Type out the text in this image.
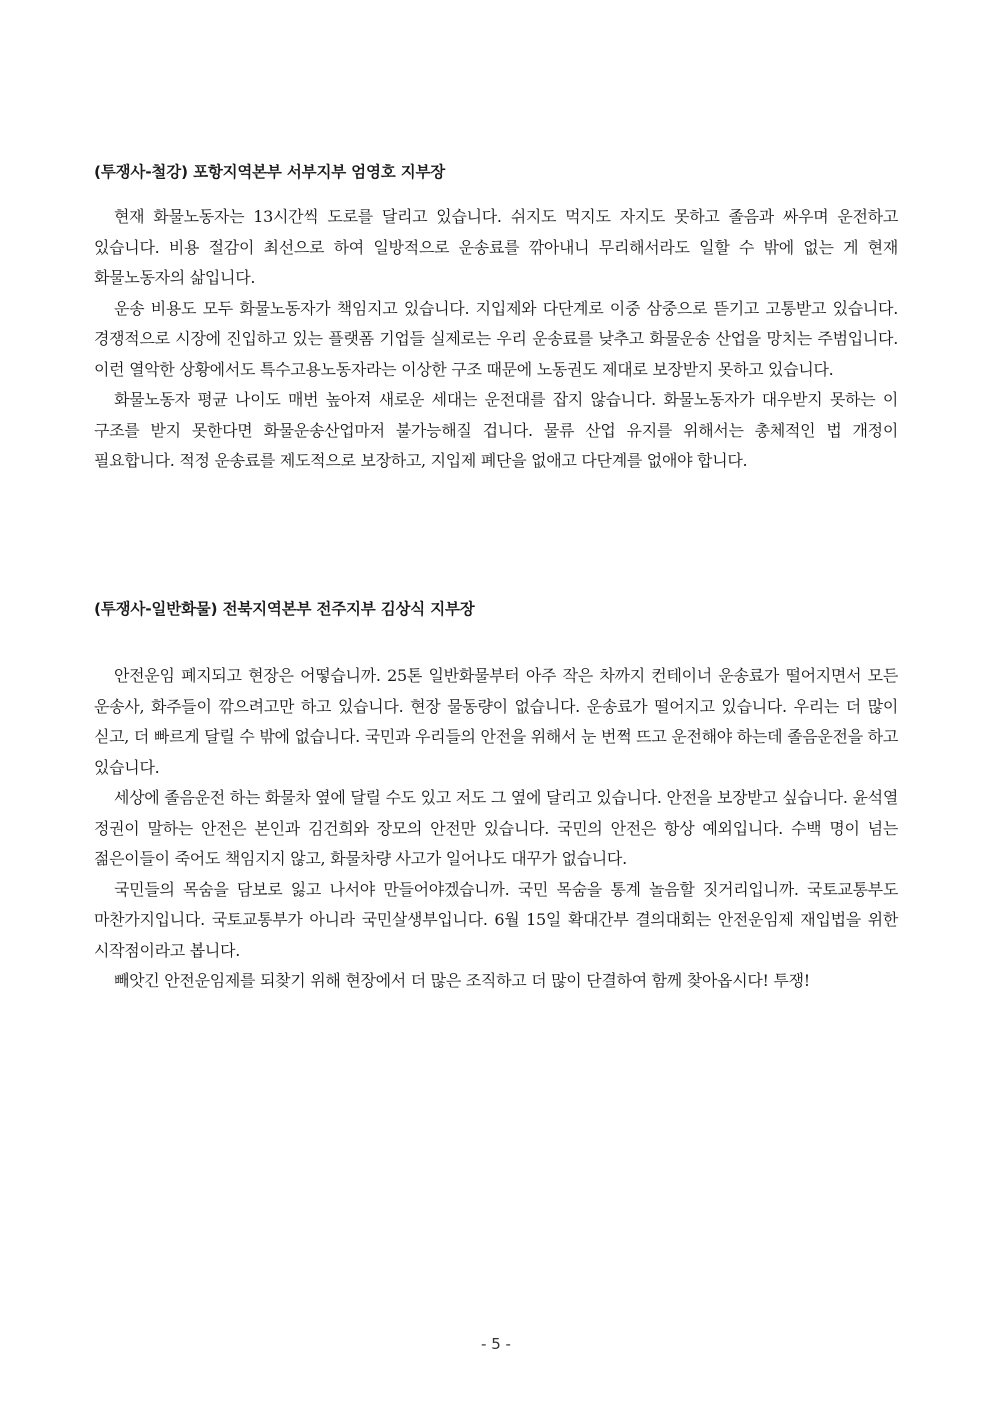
(투쟁사-철강) 포항지역본부 서부지부 엄영호 지부장

현재 화물노동자는 13시간씩 도로를 달리고 있습니다. 쉬지도 먹지도 자지도 못하고 졸음과 싸우며 운전하고 있습니다. 비용 절감이 최선으로 하여 일방적으로 운송료를 깎아내니 무리해서라도 일할 수 밖에 없는 게 현재 화물노동자의 삶입니다.

운송 비용도 모두 화물노동자가 책임지고 있습니다. 지입제와 다단계로 이중 삼중으로 뜯기고 고통받고 있습니다. 경쟁적으로 시장에 진입하고 있는 플랫폼 기업들 실제로는 우리 운송료를 낮추고 화물운송 산업을 망치는 주범입니다. 이런 열악한 상황에서도 특수고용노동자라는 이상한 구조 때문에 노동권도 제대로 보장받지 못하고 있습니다.

화물노동자 평균 나이도 매번 높아져 새로운 세대는 운전대를 잡지 않습니다. 화물노동자가 대우받지 못하는 이 구조를 받지 못한다면 화물운송산업마저 불가능해질 겁니다. 물류 산업 유지를 위해서는 총체적인 법 개정이 필요합니다. 적정 운송료를 제도적으로 보장하고, 지입제 폐단을 없애고 다단계를 없애야 합니다.

(투쟁사-일반화물) 전북지역본부 전주지부 김상식 지부장

안전운임 폐지되고 현장은 어떻습니까. 25톤 일반화물부터 아주 작은 차까지 컨테이너 운송료가 떨어지면서 모든 운송사, 화주들이 깎으려고만 하고 있습니다. 현장 물동량이 없습니다. 운송료가 떨어지고 있습니다. 우리는 더 많이 싣고, 더 빠르게 달릴 수 밖에 없습니다. 국민과 우리들의 안전을 위해서 눈 번쩍 뜨고 운전해야 하는데 졸음운전을 하고 있습니다.

세상에 졸음운전 하는 화물차 옆에 달릴 수도 있고 저도 그 옆에 달리고 있습니다. 안전을 보장받고 싶습니다. 윤석열 정권이 말하는 안전은 본인과 김건희와 장모의 안전만 있습니다. 국민의 안전은 항상 예외입니다. 수백 명이 넘는 젊은이들이 죽어도 책임지지 않고, 화물차량 사고가 일어나도 대꾸가 없습니다.

국민들의 목숨을 담보로 잃고 나서야 만들어야겠습니까. 국민 목숨을 통계 놀음할 짓거리입니까. 국토교통부도 마찬가지입니다. 국토교통부가 아니라 국민살생부입니다. 6월 15일 확대간부 결의대회는 안전운임제 재입법을 위한 시작점이라고 봅니다.

빼앗긴 안전운임제를 되찾기 위해 현장에서 더 많은 조직하고 더 많이 단결하여 함께 찾아옵시다! 투쟁!

- 5 -
